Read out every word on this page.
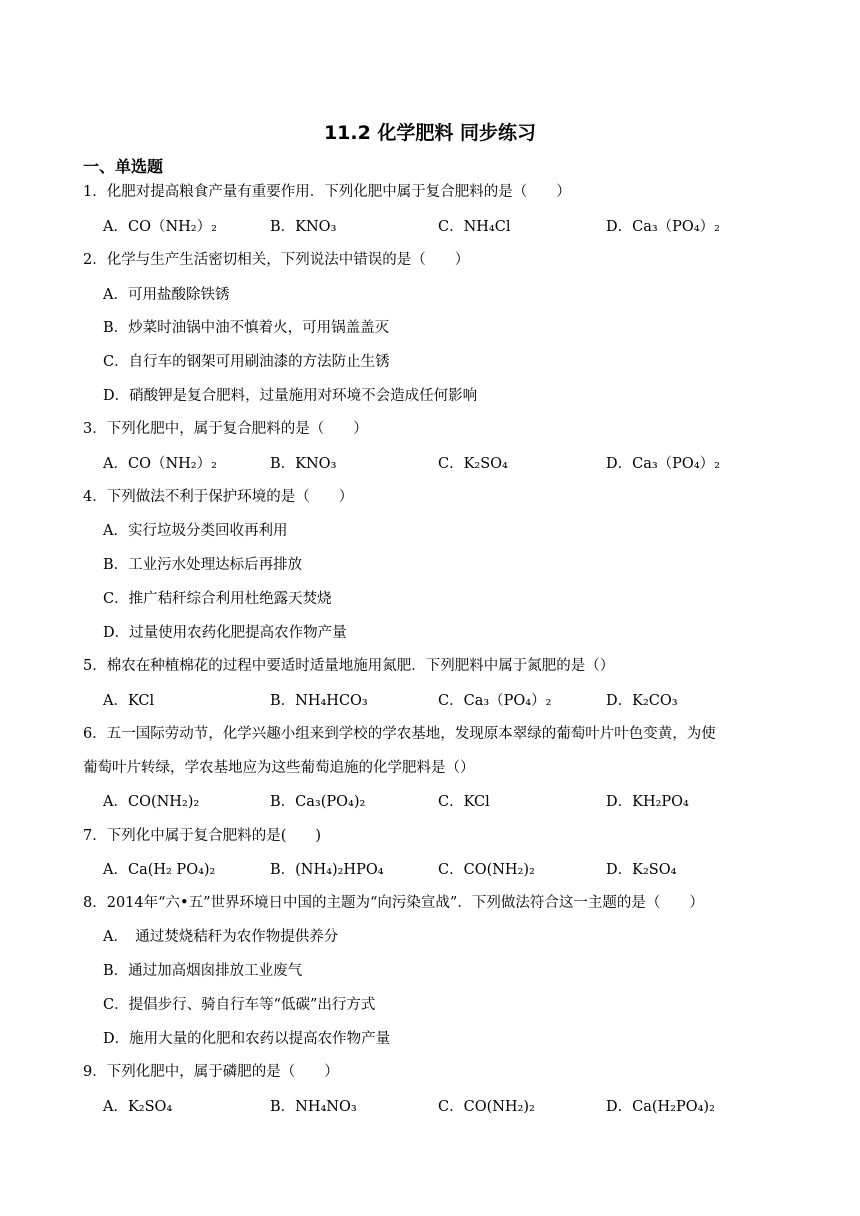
11.2 化学肥料 同步练习
一、单选题
1．化肥对提高粮食产量有重要作用．下列化肥中属于复合肥料的是（　　）
A．CO（NH₂）₂	B．KNO₃	C．NH₄Cl	D．Ca₃（PO₄）₂
2．化学与生产生活密切相关，下列说法中错误的是（　　）
A．可用盐酸除铁锈
B．炒菜时油锅中油不慎着火，可用锅盖盖灭
C．自行车的钢架可用刷油漆的方法防止生锈
D．硝酸钾是复合肥料，过量施用对环境不会造成任何影响
3．下列化肥中，属于复合肥料的是（　　）
A．CO（NH₂）₂	B．KNO₃	C．K₂SO₄	D．Ca₃（PO₄）₂
4．下列做法不利于保护环境的是（　　）
A．实行垃圾分类回收再利用
B．工业污水处理达标后再排放
C．推广秸秆综合利用杜绝露天焚烧
D．过量使用农药化肥提高农作物产量
5．棉农在种植棉花的过程中要适时适量地施用氮肥．下列肥料中属于氮肥的是（）
A．KCl	B．NH₄HCO₃	C．Ca₃（PO₄）₂	D．K₂CO₃
6．五一国际劳动节，化学兴趣小组来到学校的学农基地，发现原本翠绿的葡萄叶片叶色变黄，为使
葡萄叶片转绿，学农基地应为这些葡萄追施的化学肥料是（）
A．CO(NH₂)₂	B．Ca₃(PO₄)₂	C．KCl	D．KH₂PO₄
7．下列化中属于复合肥料的是(　　)
A．Ca(H₂ PO₄)₂	B．(NH₄)₂HPO₄	C．CO(NH₂)₂	D．K₂SO₄
8．2014年“六•五”世界环境日中国的主题为“向污染宣战”．下列做法符合这一主题的是（　　）
A．　通过焚烧秸秆为农作物提供养分
B．通过加高烟囱排放工业废气
C．提倡步行、骑自行车等“低碳”出行方式
D．施用大量的化肥和农药以提高农作物产量
9．下列化肥中，属于磷肥的是（　　）
A．K₂SO₄	B．NH₄NO₃	C．CO(NH₂)₂	D．Ca(H₂PO₄)₂
